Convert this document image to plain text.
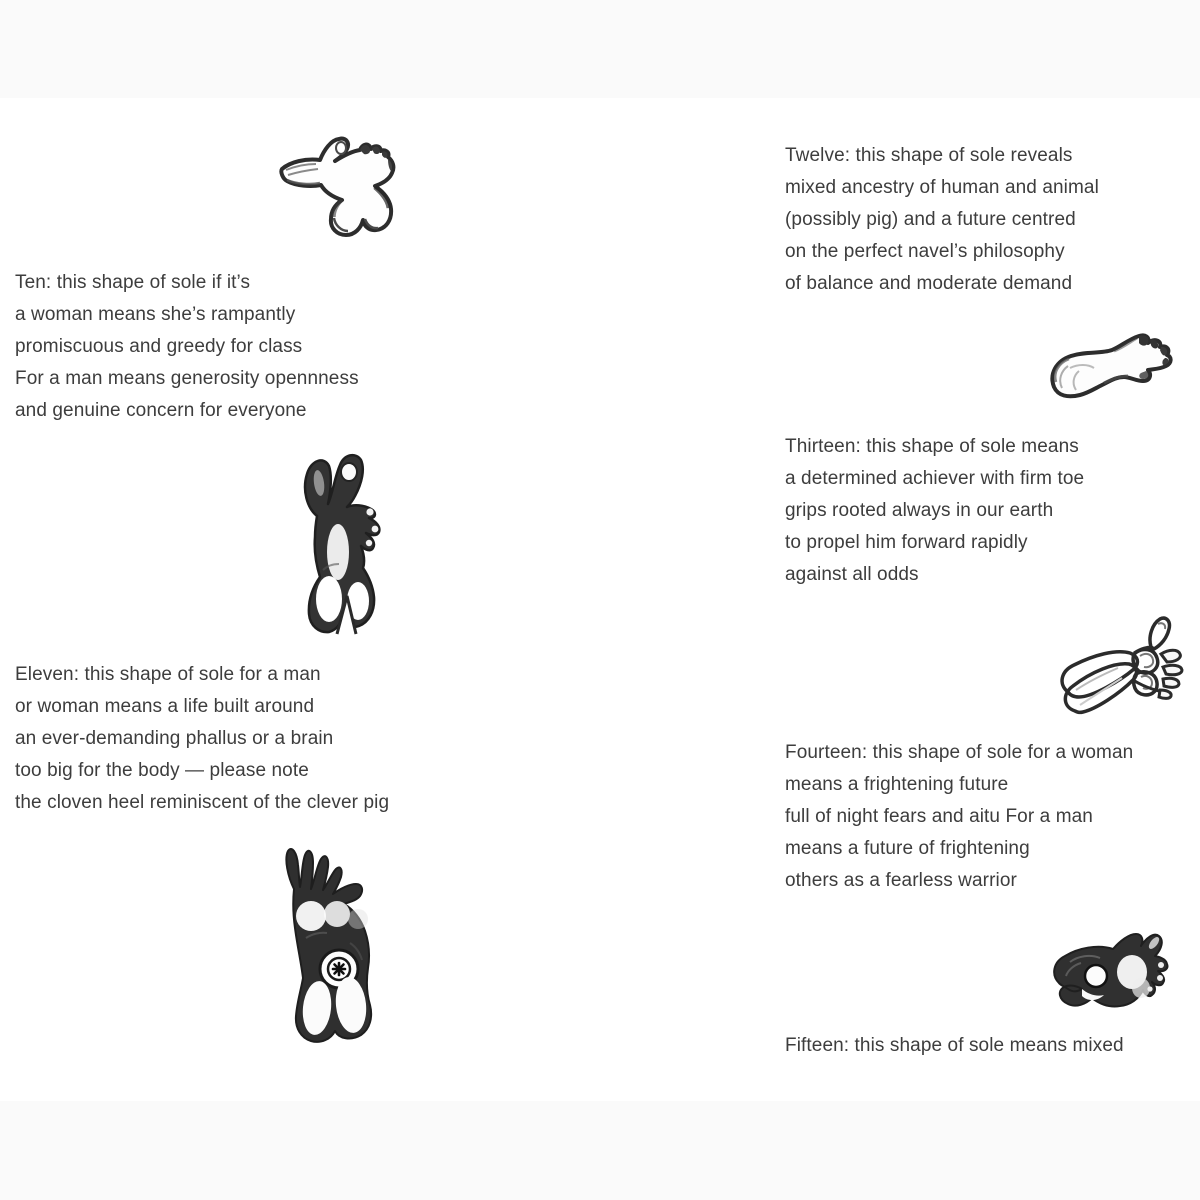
Ten: this shape of sole if it’s
a woman means she’s rampantly
promiscuous and greedy for class
For a man means generosity opennness
and genuine concern for everyone
Eleven: this shape of sole for a man
or woman means a life built around
an ever-demanding phallus or a brain
too big for the body — please note
the cloven heel reminiscent of the clever pig
Twelve: this shape of sole reveals
mixed ancestry of human and animal
(possibly pig) and a future centred
on the perfect navel’s philosophy
of balance and moderate demand
Thirteen: this shape of sole means
a determined achiever with firm toe
grips rooted always in our earth
to propel him forward rapidly
against all odds
Fourteen: this shape of sole for a woman
means a frightening future
full of night fears and aitu For a man
means a future of frightening
others as a fearless warrior
Fifteen: this shape of sole means mixed
